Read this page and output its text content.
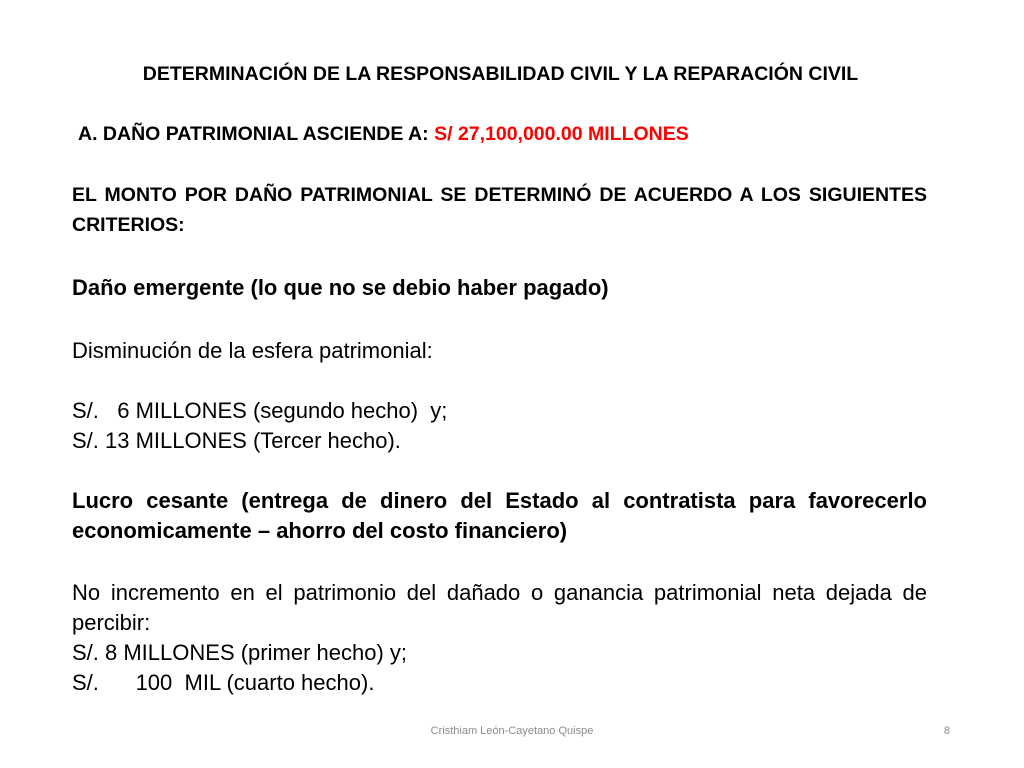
DETERMINACIÓN DE LA RESPONSABILIDAD CIVIL Y LA REPARACIÓN CIVIL
A. DAÑO PATRIMONIAL ASCIENDE A: S/ 27,100,000.00 MILLONES
EL MONTO POR DAÑO PATRIMONIAL SE DETERMINÓ DE ACUERDO A LOS SIGUIENTES CRITERIOS:
Daño emergente (lo que no se debio haber pagado)
Disminución de la esfera patrimonial:
S/.   6 MILLONES (segundo hecho)  y;
S/. 13 MILLONES (Tercer hecho).
Lucro cesante (entrega de dinero del Estado al contratista para favorecerlo economicamente – ahorro del costo financiero)
No incremento en el patrimonio del dañado o ganancia patrimonial neta dejada de percibir:
S/. 8 MILLONES (primer hecho) y;
S/.      100  MIL (cuarto hecho).
Cristhiam León-Cayetano Quispe	8
